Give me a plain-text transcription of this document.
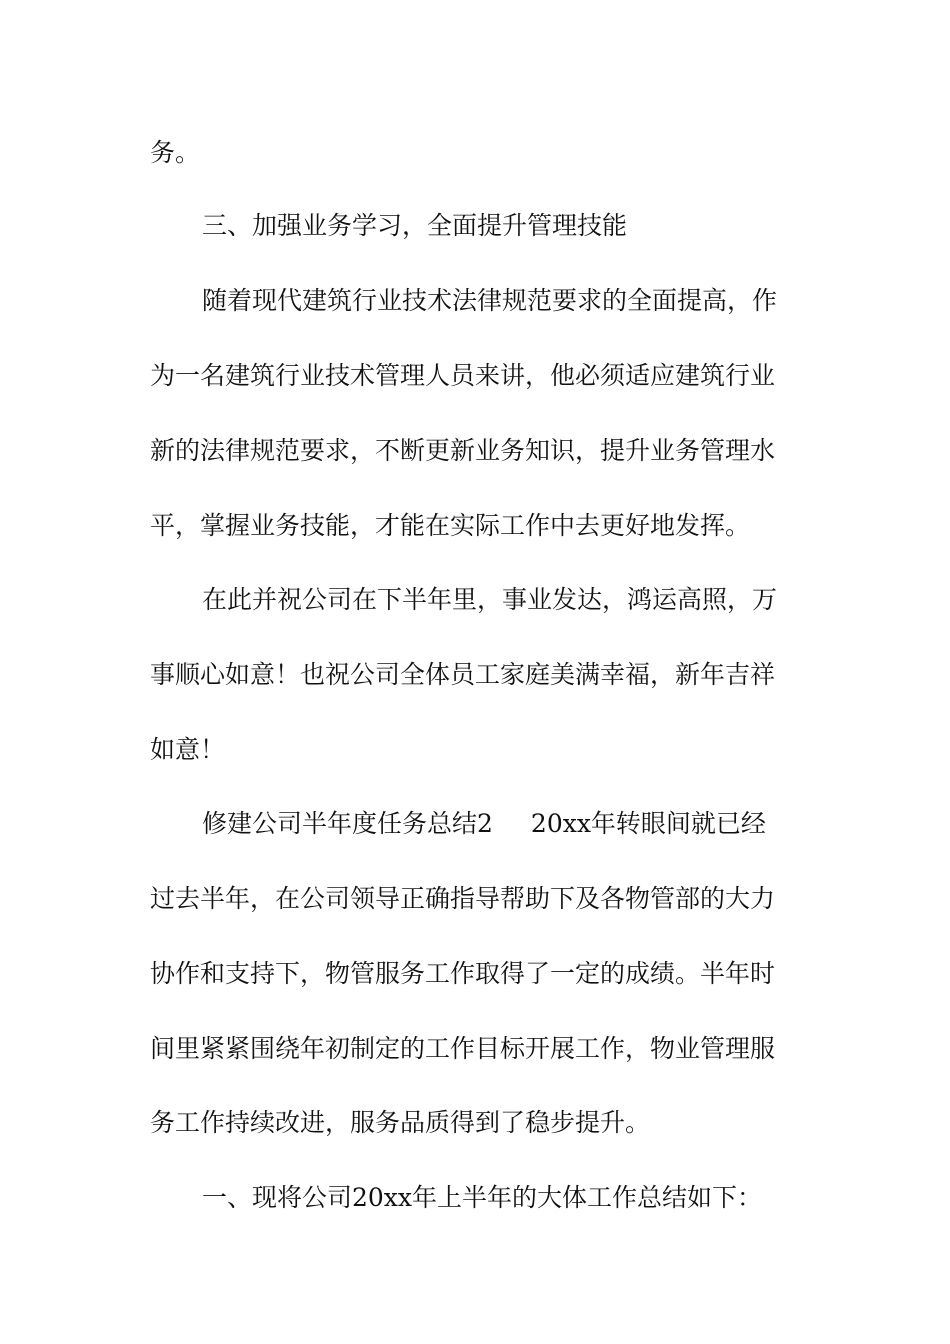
务。
三、加强业务学习，全面提升管理技能
随着现代建筑行业技术法律规范要求的全面提高，作
为一名建筑行业技术管理人员来讲，他必须适应建筑行业
新的法律规范要求，不断更新业务知识，提升业务管理水
平，掌握业务技能，才能在实际工作中去更好地发挥。
在此并祝公司在下半年里，事业发达，鸿运高照，万
事顺心如意！也祝公司全体员工家庭美满幸福，新年吉祥
如意！
修建公司半年度任务总结2 20xx年转眼间就已经
过去半年，在公司领导正确指导帮助下及各物管部的大力
协作和支持下，物管服务工作取得了一定的成绩。半年时
间里紧紧围绕年初制定的工作目标开展工作，物业管理服
务工作持续改进，服务品质得到了稳步提升。
一、现将公司20xx年上半年的大体工作总结如下：
